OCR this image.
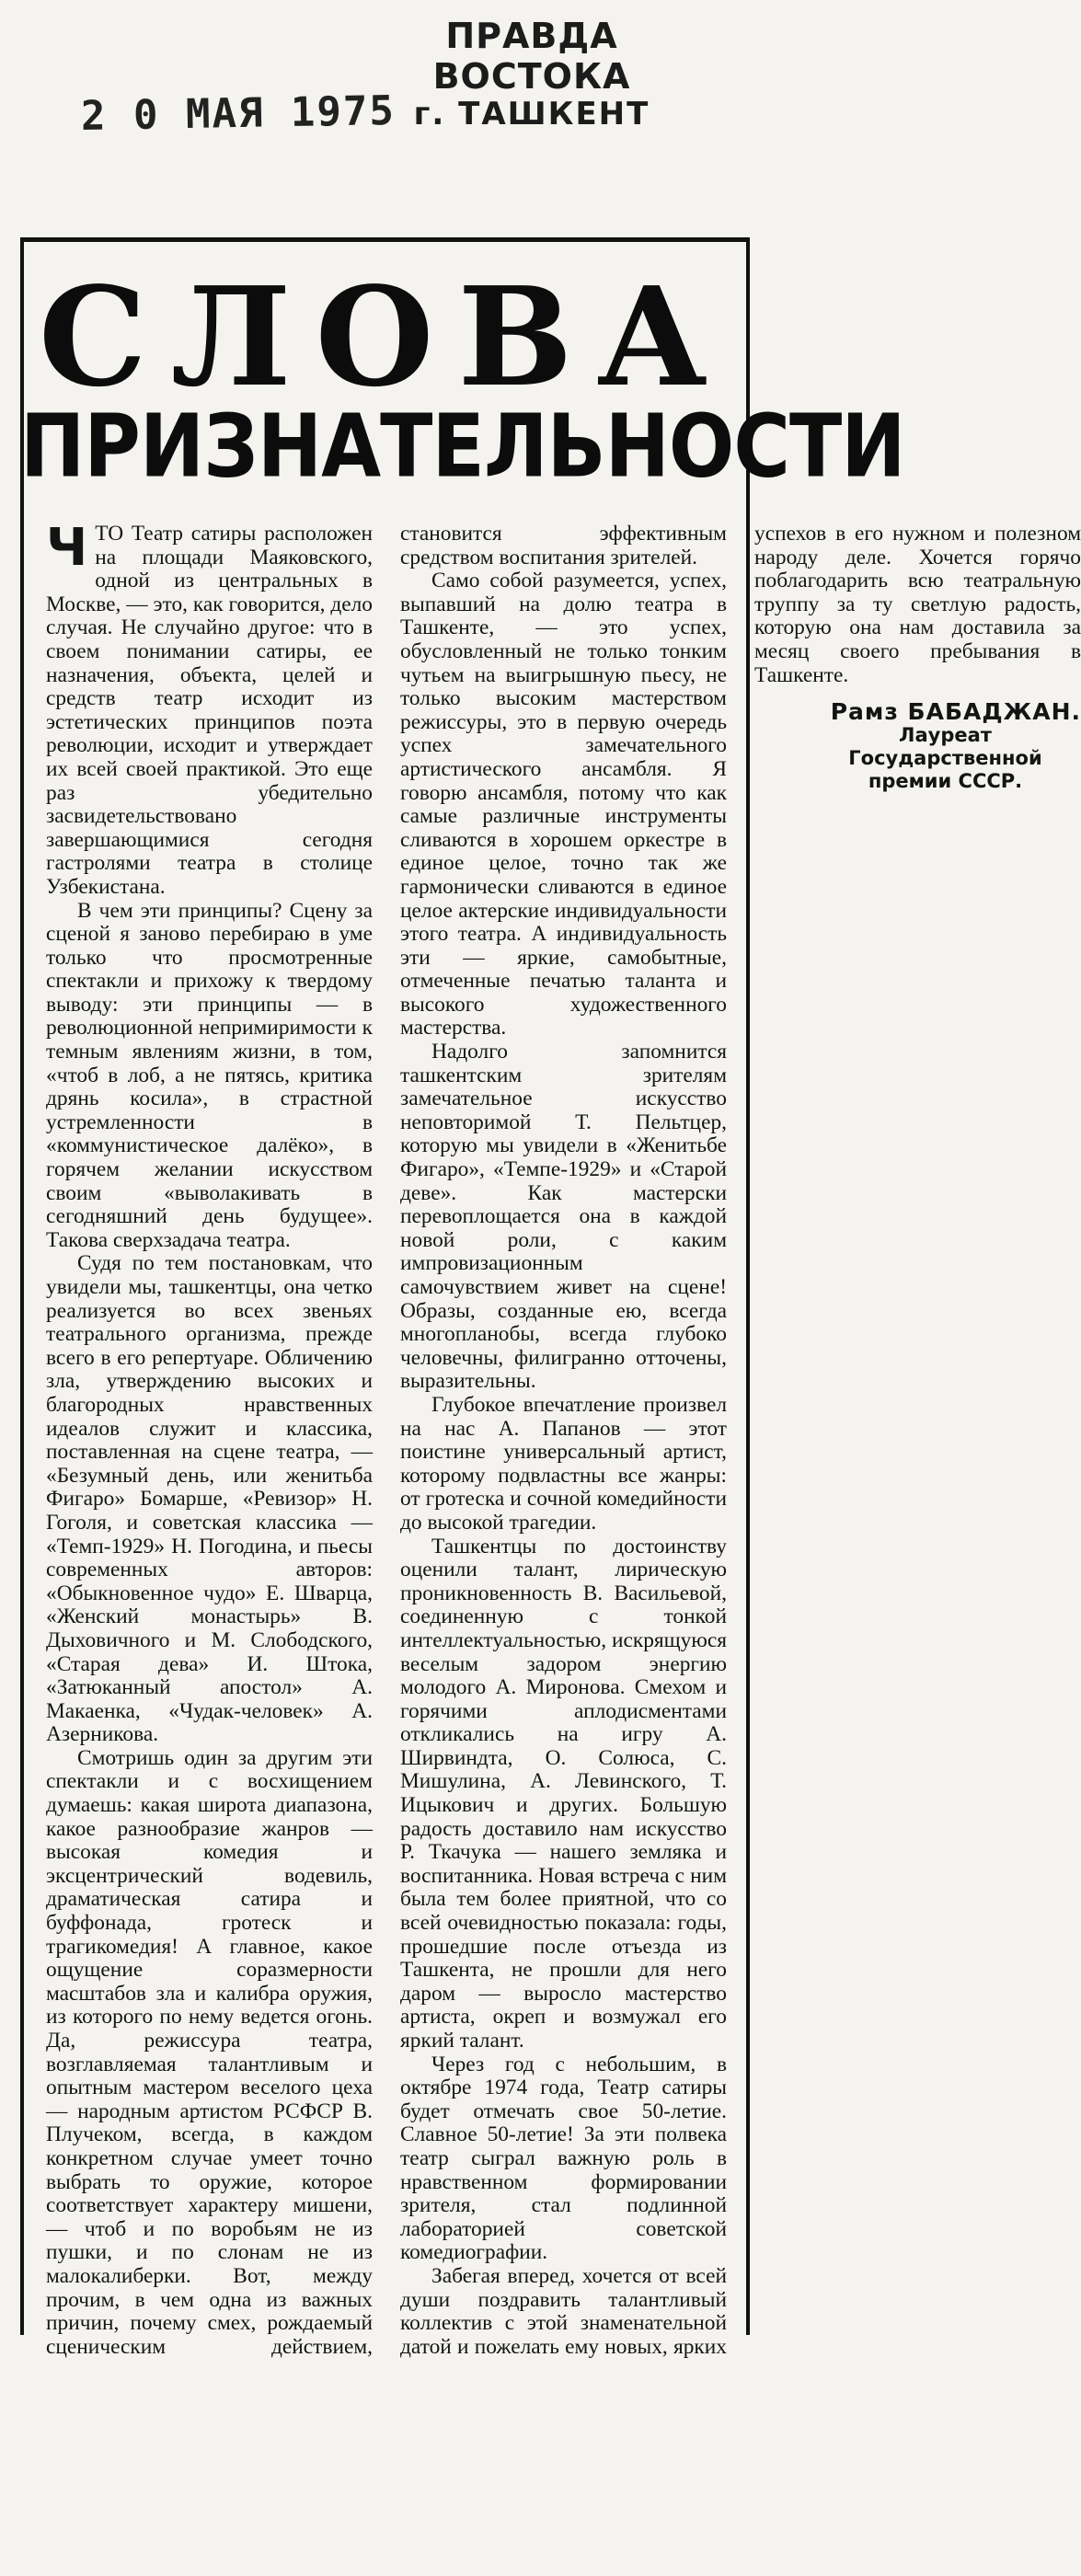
2 0 МАЯ 1975
ПРАВДА ВОСТОКА
г. ТАШКЕНТ
СЛОВА
ПРИЗНАТЕЛЬНОСТИ

ЧТО Театр сатиры расположен на площади Маяковского, одной из центральных в Москве, — это, как говорится, дело случая. Не случайно другое: что в своем понимании сатиры, ее назначения, объекта, целей и средств театр исходит из эстетических принципов поэта революции, исходит и утверждает их всей своей практикой. Это еще раз убедительно засвидетельствовано завершающимися сегодня гастролями театра в столице Узбекистана.

В чем эти принципы? Сцену за сценой я заново перебираю в уме только что просмотренные спектакли и прихожу к твердому выводу: эти принципы — в революционной непримиримости к темным явлениям жизни, в том, «чтоб в лоб, а не пятясь, критика дрянь косила», в страстной устремленности в «коммунистическое далёко», в горячем желании искусством своим «выволакивать в сегодняшний день будущее». Такова сверхзадача театра.

Судя по тем постановкам, что увидели мы, ташкентцы, она четко реализуется во всех звеньях театрального организма, прежде всего в его репертуаре. Обличению зла, утверждению высоких и благородных нравственных идеалов служит и классика, поставленная на сцене театра, — «Безумный день, или женитьба Фигаро» Бомарше, «Ревизор» Н. Гоголя, и советская классика — «Темп-1929» Н. Погодина, и пьесы современных авторов: «Обыкновенное чудо» Е. Шварца, «Женский монастырь» В. Дыховичного и М. Слободского, «Старая дева» И. Штока, «Затюканный апостол» А. Макаенка, «Чудак-человек» А. Азерникова.

Смотришь один за другим эти спектакли и с восхищением думаешь: какая широта диапазона, какое разнообразие жанров — высокая комедия и эксцентрический водевиль, драматическая сатира и буффонада, гротеск и трагикомедия! А главное, какое ощущение соразмерности масштабов зла и калибра оружия, из которого по нему ведется огонь. Да, режиссура театра, возглавляемая талантливым и опытным мастером веселого цеха — народным артистом РСФСР В. Плучеком, всегда, в каждом конкретном случае умеет точно выбрать то оружие, которое соответствует характеру мишени, — чтоб и по воробьям не из пушки, и по слонам не из малокалиберки. Вот, между прочим, в чем одна из важных причин, почему смех, рождаемый сценическим действием, становится эффективным средством воспитания зрителей.

Само собой разумеется, успех, выпавший на долю театра в Ташкенте, — это успех, обусловленный не только тонким чутьем на выигрышную пьесу, не только высоким мастерством режиссуры, это в первую очередь успех замечательного артистического ансамбля. Я говорю ансамбля, потому что как самые различные инструменты сливаются в хорошем оркестре в единое целое, точно так же гармонически сливаются в единое целое актерские индивидуальности этого театра. А индивидуальность эти — яркие, самобытные, отмеченные печатью таланта и высокого художественного мастерства.

Надолго запомнится ташкентским зрителям замечательное искусство неповторимой Т. Пельтцер, которую мы увидели в «Женитьбе Фигаро», «Темпе-1929» и «Старой деве». Как мастерски перевоплощается она в каждой новой роли, с каким импровизационным самочувствием живет на сцене! Образы, созданные ею, всегда многопланобы, всегда глубоко человечны, филигранно отточены, выразительны.

Глубокое впечатление произвел на нас А. Папанов — этот поистине универсальный артист, которому подвластны все жанры: от гротеска и сочной комедийности до высокой трагедии.

Ташкентцы по достоинству оценили талант, лирическую проникновенность В. Васильевой, соединенную с тонкой интеллектуальностью, искрящуюся веселым задором энергию молодого А. Миронова. Смехом и горячими аплодисментами откликались на игру А. Ширвиндта, О. Солюса, С. Мишулина, А. Левинского, Т. Ицыкович и других. Большую радость доставило нам искусство Р. Ткачука — нашего земляка и воспитанника. Новая встреча с ним была тем более приятной, что со всей очевидностью показала: годы, прошедшие после отъезда из Ташкента, не прошли для него даром — выросло мастерство артиста, окреп и возмужал его яркий талант.

Через год с небольшим, в октябре 1974 года, Театр сатиры будет отмечать свое 50-летие. Славное 50-летие! За эти полвека театр сыграл важную роль в нравственном формировании зрителя, стал подлинной лабораторией советской комедиографии.

Забегая вперед, хочется от всей души поздравить талантливый коллектив с этой знаменательной датой и пожелать ему новых, ярких успехов в его нужном и полезном народу деле. Хочется горячо поблагодарить всю театральную труппу за ту светлую радость, которую она нам доставила за месяц своего пребывания в Ташкенте.

Рамз БАБАДЖАН.
Лауреат Государственной премии СССР.
